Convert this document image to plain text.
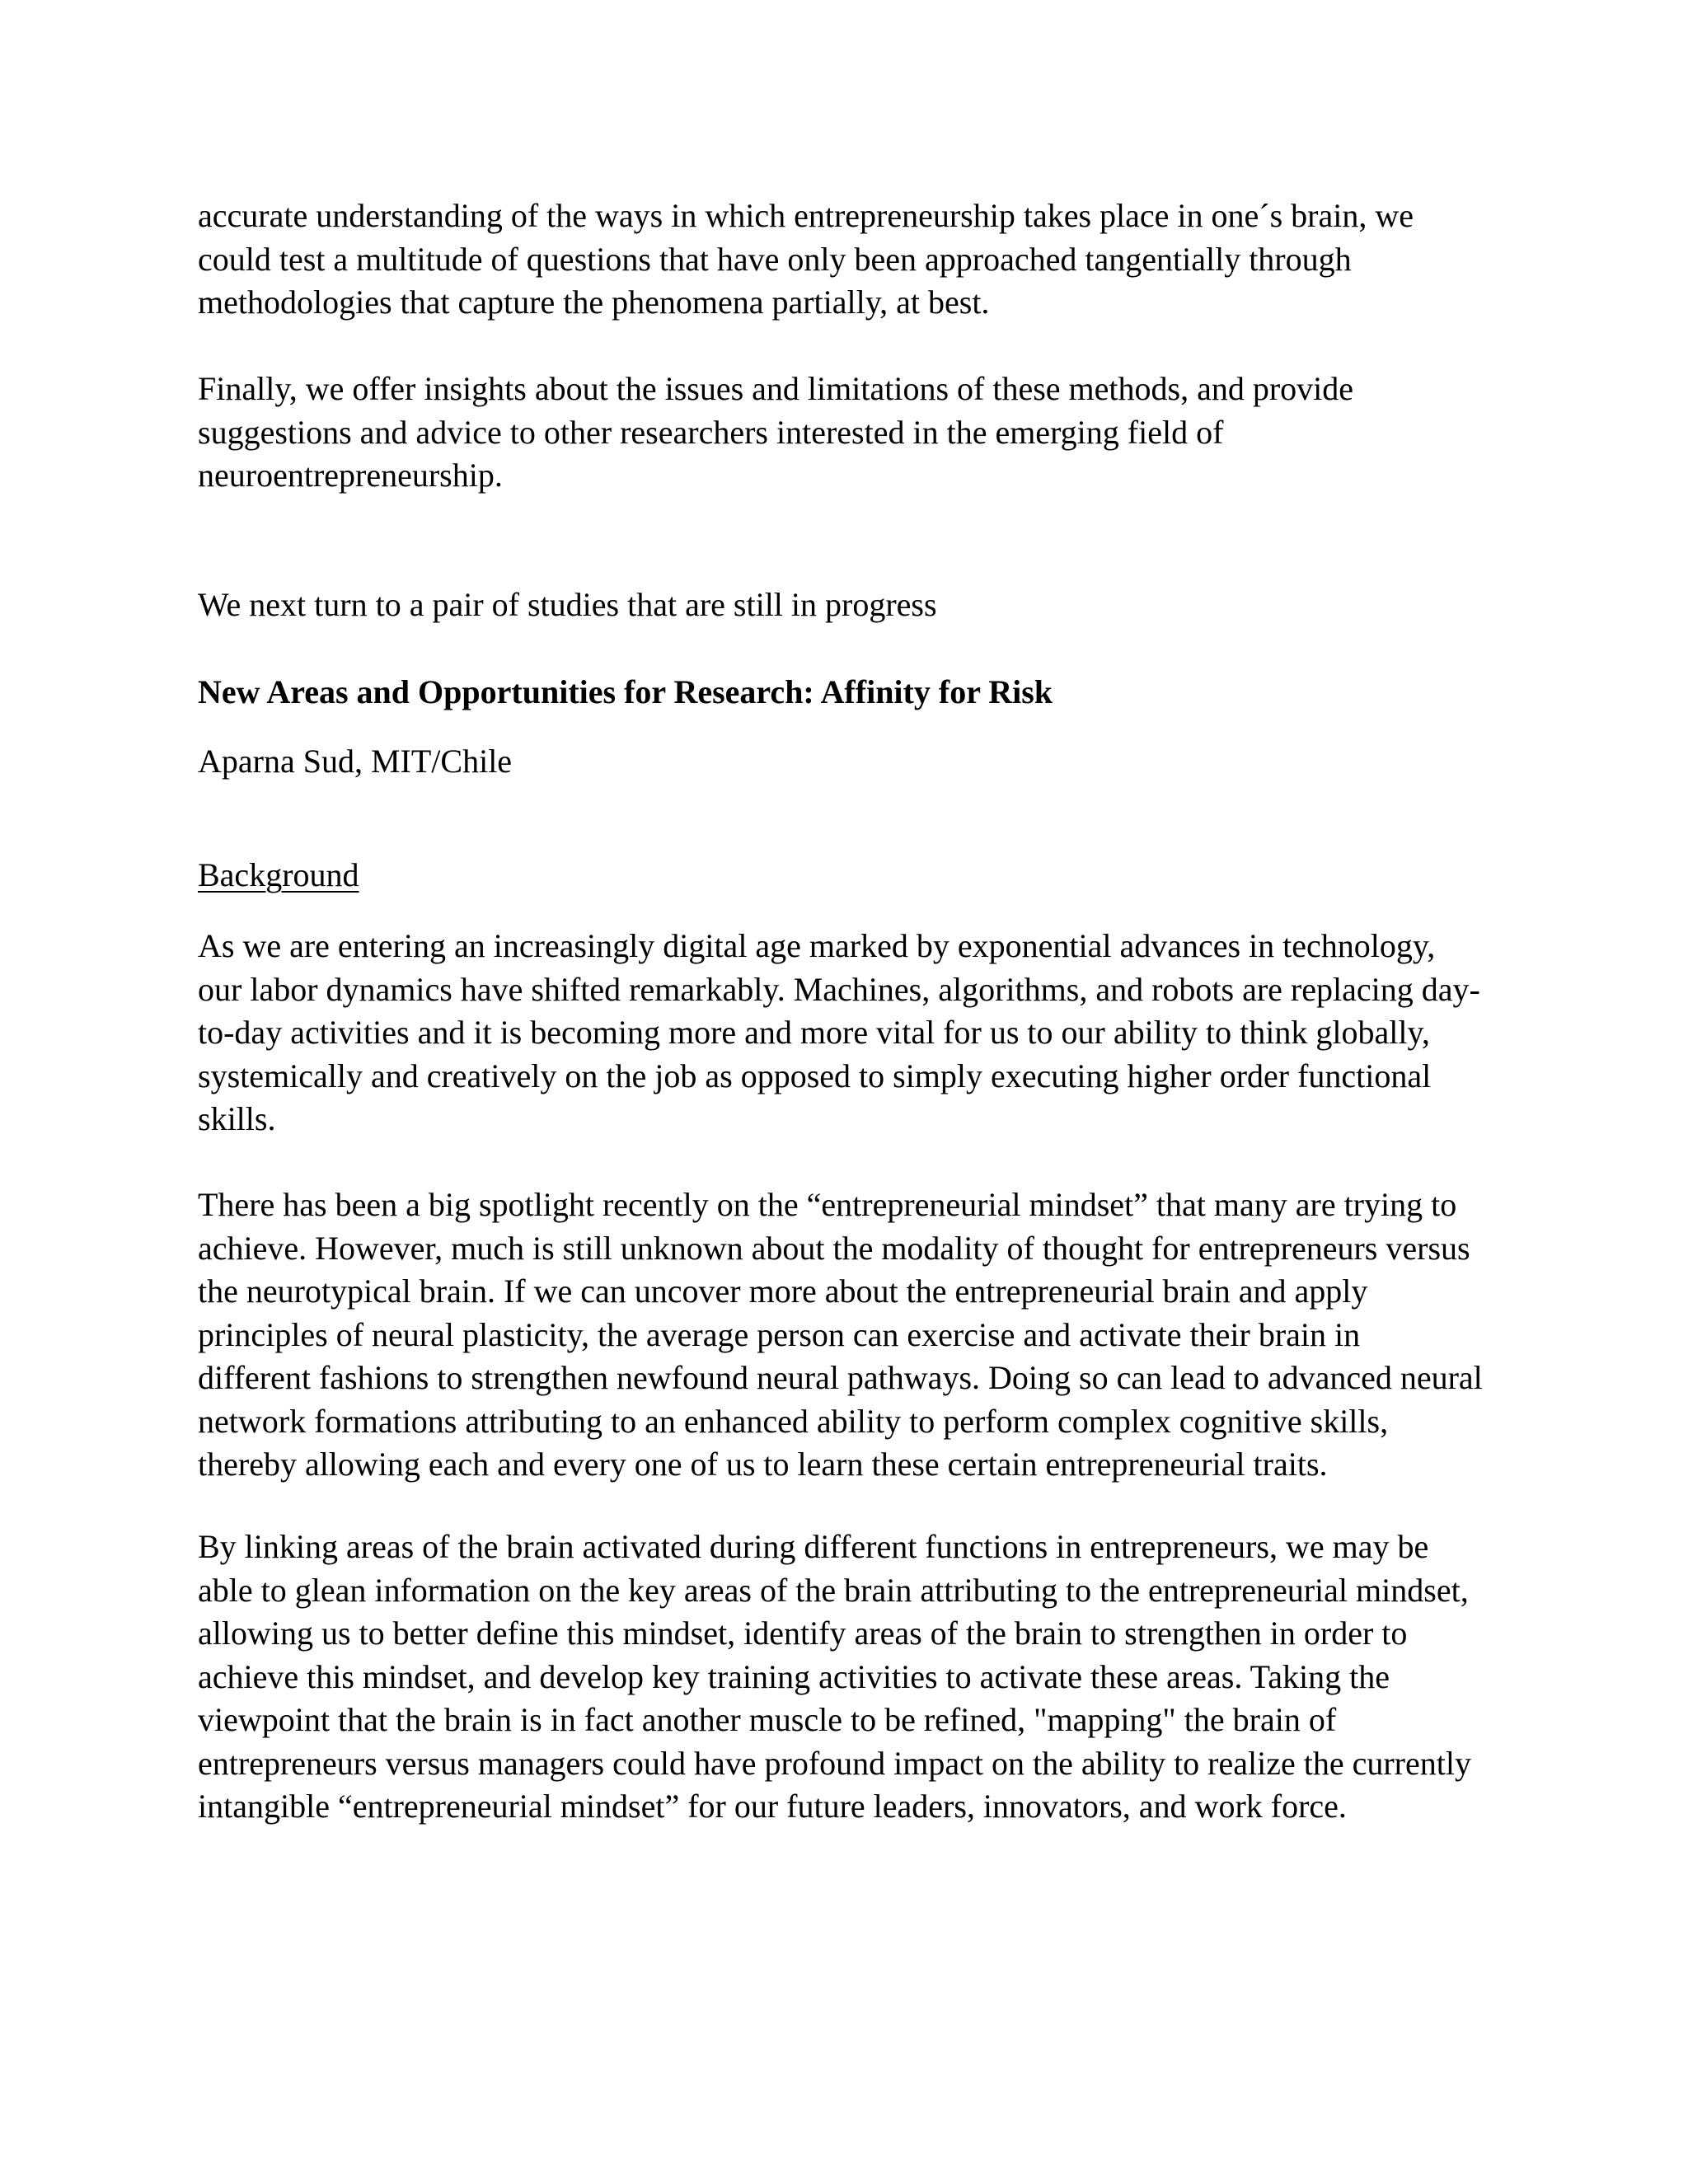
accurate understanding of the ways in which entrepreneurship takes place in one´s brain, we
could test a multitude of questions that have only been approached tangentially through
methodologies that capture the phenomena partially, at best.

Finally, we offer insights about the issues and limitations of these methods, and provide
suggestions and advice to other researchers interested in the emerging field of
neuroentrepreneurship.

We next turn to a pair of studies that are still in progress

New Areas and Opportunities for Research: Affinity for Risk

Aparna Sud, MIT/Chile

Background

As we are entering an increasingly digital age marked by exponential advances in technology,
our labor dynamics have shifted remarkably. Machines, algorithms, and robots are replacing day-
to-day activities and it is becoming more and more vital for us to our ability to think globally,
systemically and creatively on the job as opposed to simply executing higher order functional
skills.

There has been a big spotlight recently on the “entrepreneurial mindset” that many are trying to
achieve. However, much is still unknown about the modality of thought for entrepreneurs versus
the neurotypical brain. If we can uncover more about the entrepreneurial brain and apply
principles of neural plasticity, the average person can exercise and activate their brain in
different fashions to strengthen newfound neural pathways. Doing so can lead to advanced neural
network formations attributing to an enhanced ability to perform complex cognitive skills,
thereby allowing each and every one of us to learn these certain entrepreneurial traits.

By linking areas of the brain activated during different functions in entrepreneurs, we may be
able to glean information on the key areas of the brain attributing to the entrepreneurial mindset,
allowing us to better define this mindset, identify areas of the brain to strengthen in order to
achieve this mindset, and develop key training activities to activate these areas. Taking the
viewpoint that the brain is in fact another muscle to be refined, "mapping" the brain of
entrepreneurs versus managers could have profound impact on the ability to realize the currently
intangible “entrepreneurial mindset” for our future leaders, innovators, and work force.
